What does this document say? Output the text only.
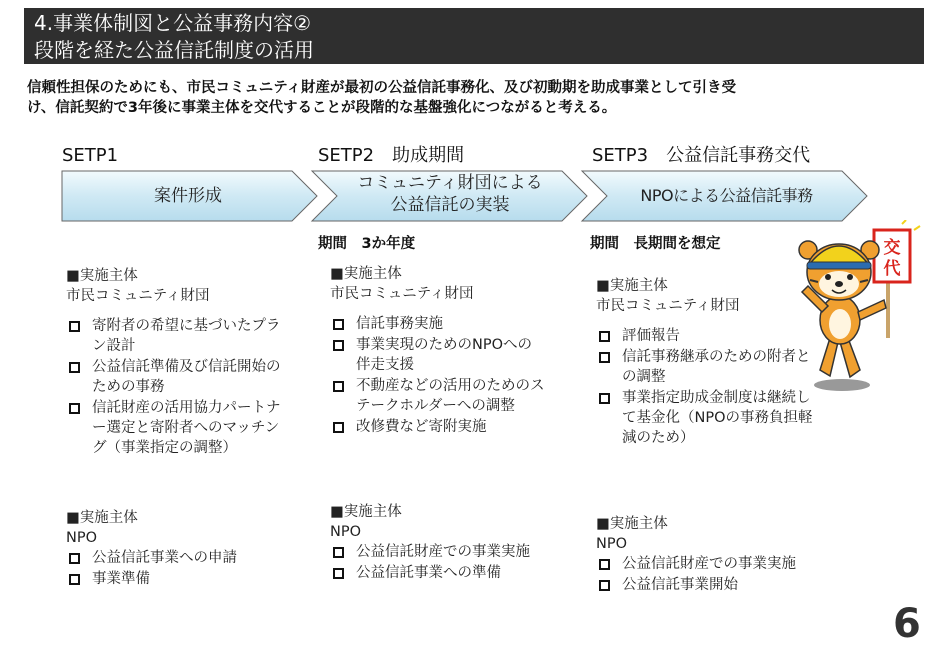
4.事業体制図と公益事務内容②
段階を経た公益信託制度の活用
信頼性担保のためにも、市民コミュニティ財産が最初の公益信託事務化、及び初動期を助成事業として引き受
け、信託契約で3年後に事業主体を交代することが段階的な基盤強化につながると考える。
SETP1	SETP2　助成期間	SETP3　公益信託事務交代
案件形成
コミュニティ財団による
公益信託の実装	NPOによる公益信託事務
期間　3か年度	期間　長期間を想定
■実施主体
市民コミュニティ財団
寄附者の希望に基づいたプラン設計
公益信託準備及び信託開始のための事務
信託財産の活用協力パートナー選定と寄附者へのマッチング（事業指定の調整）
■実施主体
NPO
公益信託事業への申請
事業準備
■実施主体
市民コミュニティ財団
信託事務実施
事業実現のためのNPOへの伴走支援
不動産などの活用のためのステークホルダーへの調整
改修費など寄附実施
■実施主体
NPO
公益信託財産での事業実施
公益信託事業への準備
■実施主体
市民コミュニティ財団
評価報告
信託事務継承のための附者との調整
事業指定助成金制度は継続して基金化（NPOの事務負担軽減のため）
■実施主体
NPO
公益信託財産での事業実施
公益信託事業開始
交
代
6
